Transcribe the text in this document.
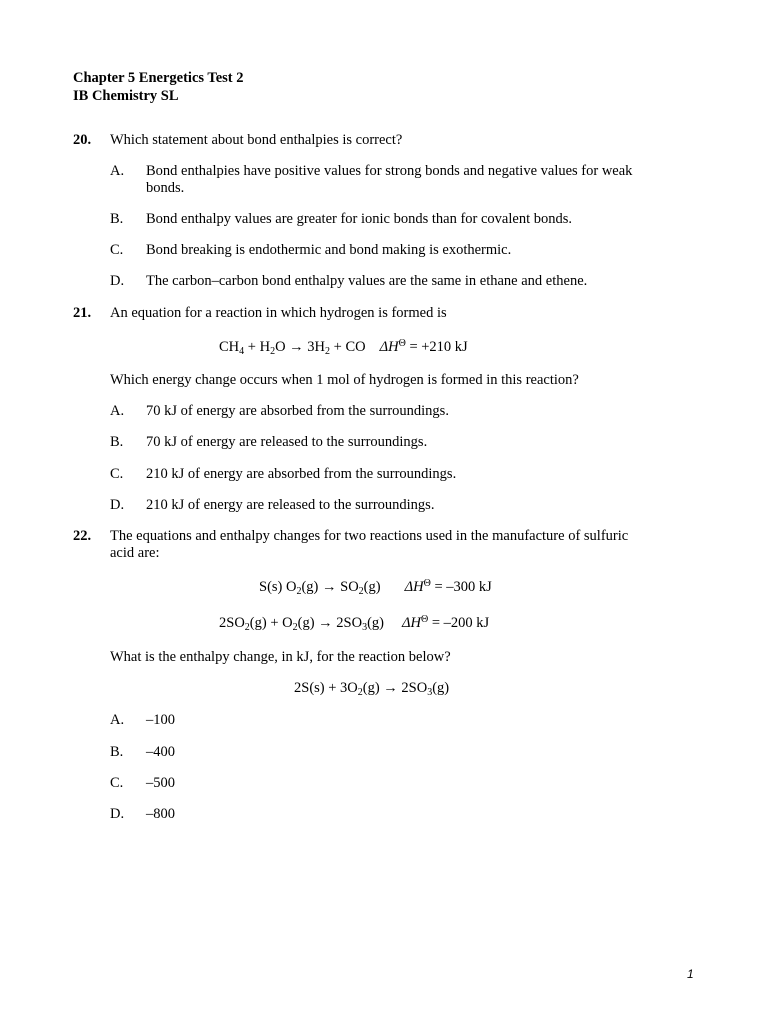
Chapter 5 Energetics Test 2
IB Chemistry SL
20. Which statement about bond enthalpies is correct?
A. Bond enthalpies have positive values for strong bonds and negative values for weak bonds.
B. Bond enthalpy values are greater for ionic bonds than for covalent bonds.
C. Bond breaking is endothermic and bond making is exothermic.
D. The carbon–carbon bond enthalpy values are the same in ethane and ethene.
21. An equation for a reaction in which hydrogen is formed is
$CH_4 + H_2O \to 3H_2$ + CO $\Delta H^\Theta = +210$ kJ
Which energy change occurs when 1 mol of hydrogen is formed in this reaction?
A. 70 kJ of energy are absorbed from the surroundings.
B. 70 kJ of energy are released to the surroundings.
C. 210 kJ of energy are absorbed from the surroundings.
D. 210 kJ of energy are released to the surroundings.
22. The equations and enthalpy changes for two reactions used in the manufacture of sulfuric acid are:
S(s) $O_2(g) \to SO_2(g) \Delta H^\Theta = -300$ kJ
$2SO_2(g) + O_2(g) \to 2SO_3(g) \Delta H^\Theta = -200$ kJ
What is the enthalpy change, in kJ, for the reaction below?
$2S(s) + 3O_2(g) \to 2SO_3(g)$
A. –100
B. –400
C. –500
D. –800
1
